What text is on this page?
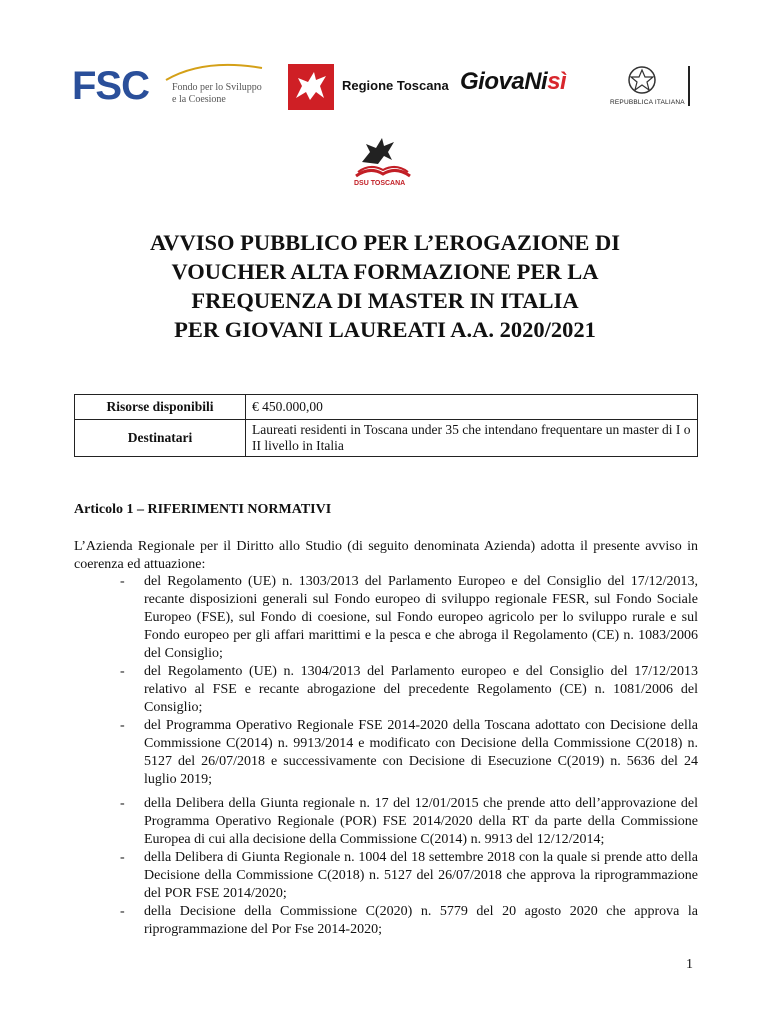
FSC Fondo per lo Sviluppo
e la Coesione
Regione Toscana GiovaNisì
REPUBBLICA ITALIANA
DSU TOSCANA
AVVISO PUBBLICO PER L’EROGAZIONE DI
VOUCHER ALTA FORMAZIONE PER LA
FREQUENZA DI MASTER IN ITALIA
PER GIOVANI LAUREATI A.A. 2020/2021
Risorse disponibili	€ 450.000,00
Destinatari	Laureati residenti in Toscana under 35 che intendano frequentare un master di I o II livello in Italia
Articolo 1 – RIFERIMENTI NORMATIVI

L’Azienda Regionale per il Diritto allo Studio (di seguito denominata Azienda) adotta il presente avviso in coerenza ed attuazione:

- del Regolamento (UE) n. 1303/2013 del Parlamento Europeo e del Consiglio del 17/12/2013, recante disposizioni generali sul Fondo europeo di sviluppo regionale FESR, sul Fondo Sociale Europeo (FSE), sul Fondo di coesione, sul Fondo europeo agricolo per lo sviluppo rurale e sul Fondo europeo per gli affari marittimi e la pesca e che abroga il Regolamento (CE) n. 1083/2006 del Consiglio;
- del Regolamento (UE) n. 1304/2013 del Parlamento europeo e del Consiglio del 17/12/2013 relativo al FSE e recante abrogazione del precedente Regolamento (CE) n. 1081/2006 del Consiglio;
- del Programma Operativo Regionale FSE 2014-2020 della Toscana adottato con Decisione della Commissione C(2014) n. 9913/2014 e modificato con Decisione della Commissione C(2018) n. 5127 del 26/07/2018 e successivamente con Decisione di Esecuzione C(2019) n. 5636 del 24 luglio 2019;
- della Delibera della Giunta regionale n. 17 del 12/01/2015 che prende atto dell’approvazione del Programma Operativo Regionale (POR) FSE 2014/2020 della RT da parte della Commissione Europea di cui alla decisione della Commissione C(2014) n. 9913 del 12/12/2014;
- della Delibera di Giunta Regionale n. 1004 del 18 settembre 2018 con la quale si prende atto della Decisione della Commissione C(2018) n. 5127 del 26/07/2018 che approva la riprogrammazione del POR FSE 2014/2020;
- della Decisione della Commissione C(2020) n. 5779 del 20 agosto 2020 che approva la riprogrammazione del Por Fse 2014-2020;
1
